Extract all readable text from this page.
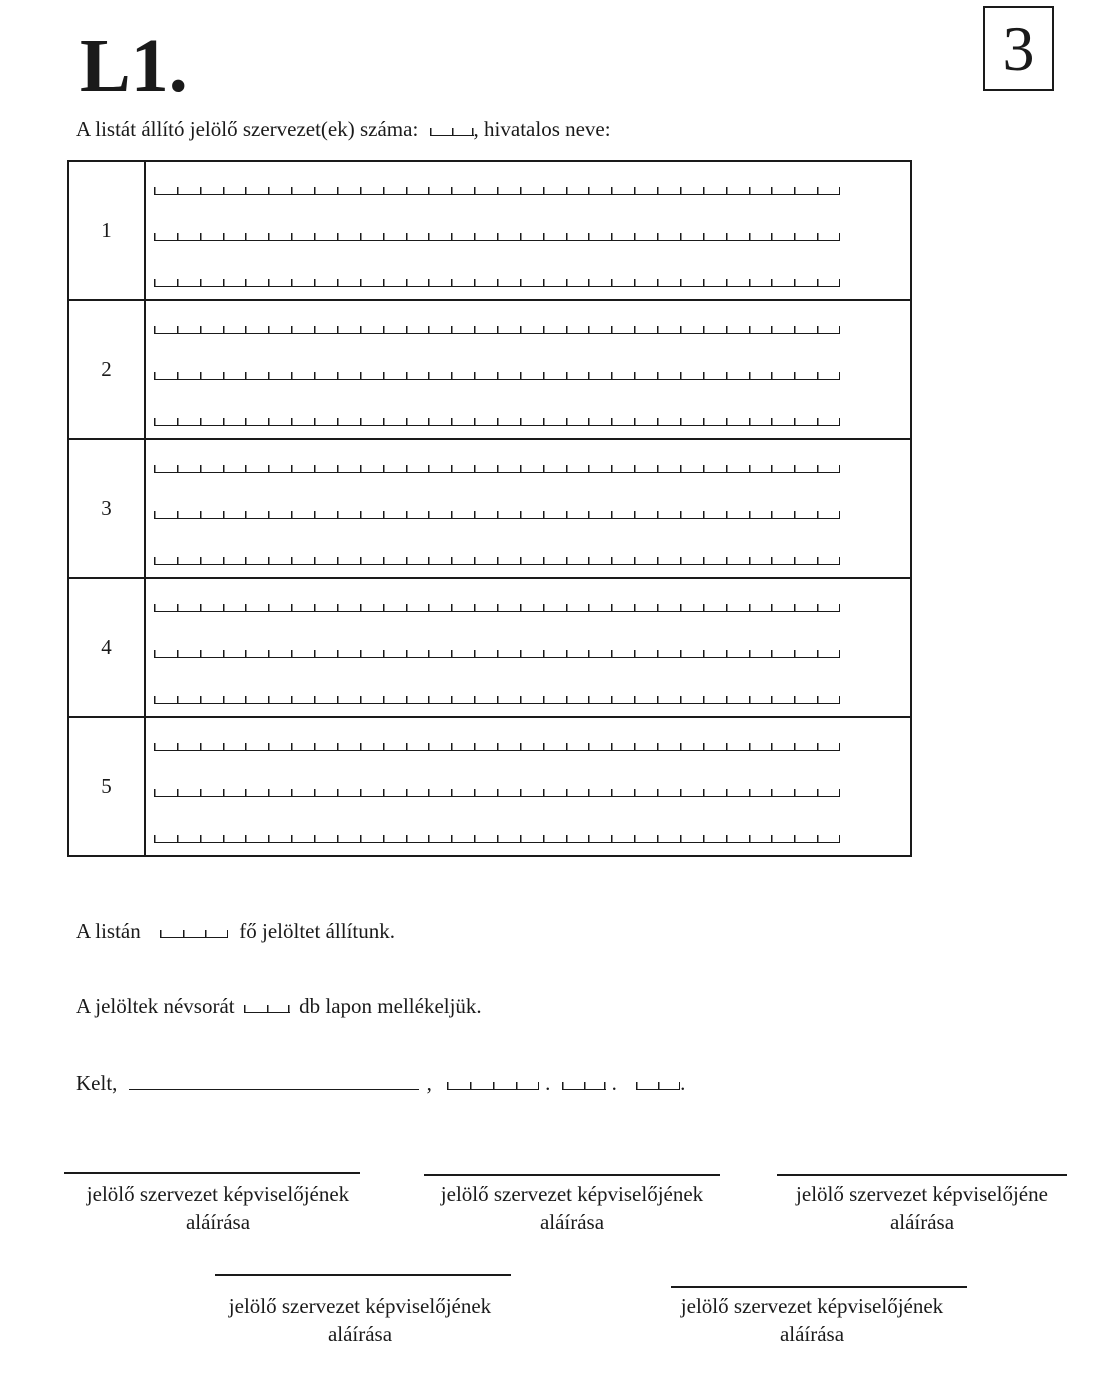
L1.	3
A listát állító jelölő szervezet(ek) száma:	, hivatalos neve:
1	

2	

3	

4	

5	
A listán	fő jelöltet állítunk.
A jelöltek névsorát	db lapon mellékeljük.
Kelt,	,	.	.	.
jelölő szervezet képviselőjének
aláírása
jelölő szervezet képviselőjének
aláírása
jelölő szervezet képviselőjéne
aláírása
jelölő szervezet képviselőjének
aláírása
jelölő szervezet képviselőjének
aláírása
